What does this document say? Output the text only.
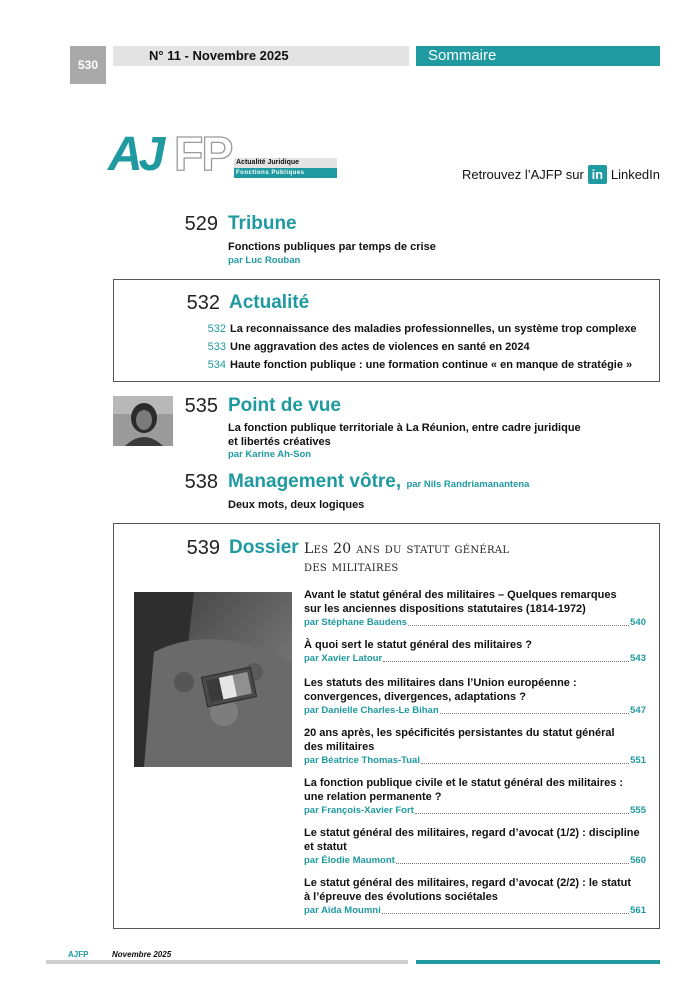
530
N° 11 - Novembre 2025	Sommaire
AJ FP Actualité Juridique
Fonctions Publiques	Retrouvez l’AJFP sur in LinkedIn
529 Tribune
Fonctions publiques par temps de crise
par Luc Rouban
532 Actualité
532 La reconnaissance des maladies professionnelles, un système trop complexe
533 Une aggravation des actes de violences en santé en 2024
534 Haute fonction publique : une formation continue « en manque de stratégie »
535 Point de vue
La fonction publique territoriale à La Réunion, entre cadre juridique
et libertés créatives
par Karine Ah-Son
538 Management vôtre, par Nils Randriamanantena
Deux mots, deux logiques
539 Dossier Les 20 ans du statut général
des militaires
Avant le statut général des militaires – Quelques remarques
sur les anciennes dispositions statutaires (1814-1972)
par Stéphane Baudens	540
À quoi sert le statut général des militaires ?
par Xavier Latour	543
Les statuts des militaires dans l’Union européenne :
convergences, divergences, adaptations ?
par Danielle Charles-Le Bihan	547
20 ans après, les spécificités persistantes du statut général
des militaires
par Béatrice Thomas-Tual	551
La fonction publique civile et le statut général des militaires :
une relation permanente ?
par François-Xavier Fort	555
Le statut général des militaires, regard d’avocat (1/2) : discipline
et statut
par Élodie Maumont	560
Le statut général des militaires, regard d’avocat (2/2) : le statut
à l’épreuve des évolutions sociétales
par Aïda Moumni	561
AJFP	Novembre 2025
